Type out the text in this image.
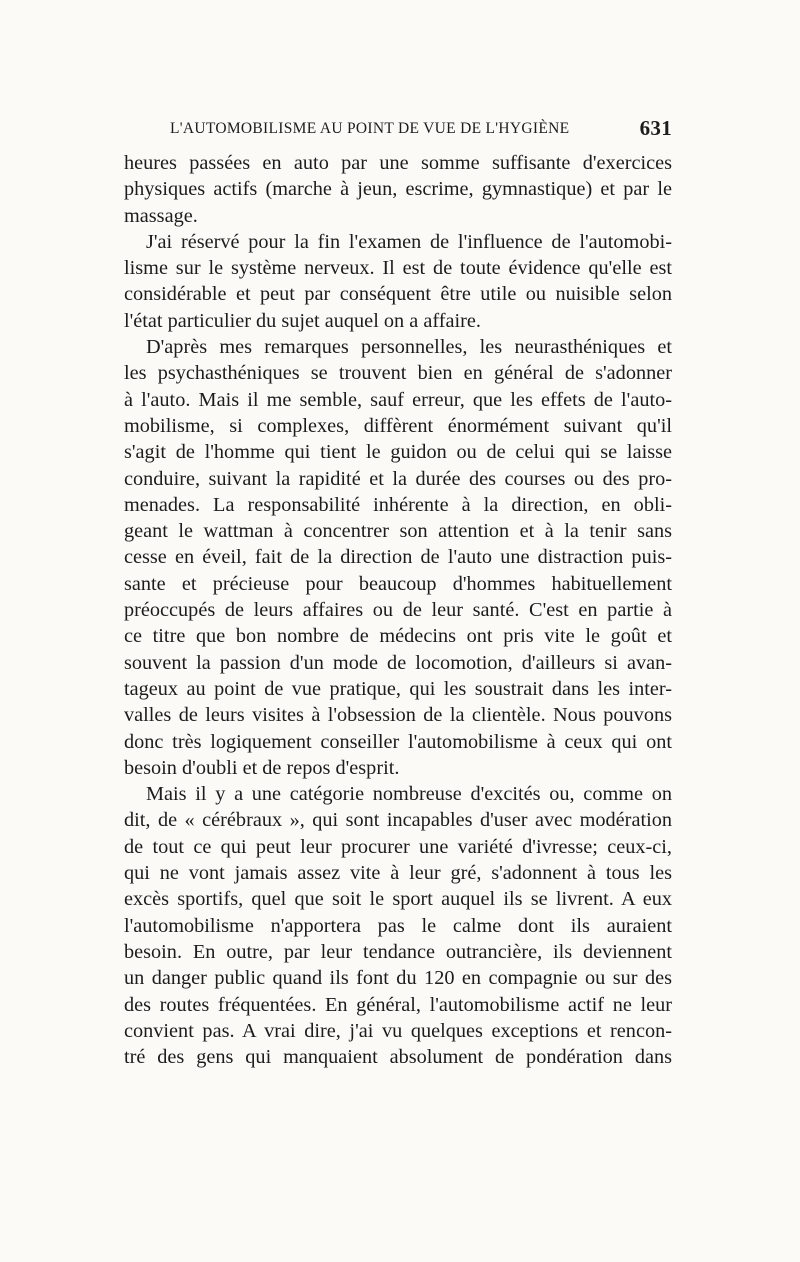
L'AUTOMOBILISME AU POINT DE VUE DE L'HYGIÈNE	631
heures passées en auto par une somme suffisante d'exercices
physiques actifs (marche à jeun, escrime, gymnastique) et par le
massage.
J'ai réservé pour la fin l'examen de l'influence de l'automobi-
lisme sur le système nerveux. Il est de toute évidence qu'elle est
considérable et peut par conséquent être utile ou nuisible selon
l'état particulier du sujet auquel on a affaire.
D'après mes remarques personnelles, les neurasthéniques et
les psychasthéniques se trouvent bien en général de s'adonner
à l'auto. Mais il me semble, sauf erreur, que les effets de l'auto-
mobilisme, si complexes, diffèrent énormément suivant qu'il
s'agit de l'homme qui tient le guidon ou de celui qui se laisse
conduire, suivant la rapidité et la durée des courses ou des pro-
menades. La responsabilité inhérente à la direction, en obli-
geant le wattman à concentrer son attention et à la tenir sans
cesse en éveil, fait de la direction de l'auto une distraction puis-
sante et précieuse pour beaucoup d'hommes habituellement
préoccupés de leurs affaires ou de leur santé. C'est en partie à
ce titre que bon nombre de médecins ont pris vite le goût et
souvent la passion d'un mode de locomotion, d'ailleurs si avan-
tageux au point de vue pratique, qui les soustrait dans les inter-
valles de leurs visites à l'obsession de la clientèle. Nous pouvons
donc très logiquement conseiller l'automobilisme à ceux qui ont
besoin d'oubli et de repos d'esprit.
Mais il y a une catégorie nombreuse d'excités ou, comme on
dit, de « cérébraux », qui sont incapables d'user avec modération
de tout ce qui peut leur procurer une variété d'ivresse; ceux-ci,
qui ne vont jamais assez vite à leur gré, s'adonnent à tous les
excès sportifs, quel que soit le sport auquel ils se livrent. A eux
l'automobilisme n'apportera pas le calme dont ils auraient
besoin. En outre, par leur tendance outrancière, ils deviennent
un danger public quand ils font du 120 en compagnie ou sur des
des routes fréquentées. En général, l'automobilisme actif ne leur
convient pas. A vrai dire, j'ai vu quelques exceptions et rencon-
tré des gens qui manquaient absolument de pondération dans
